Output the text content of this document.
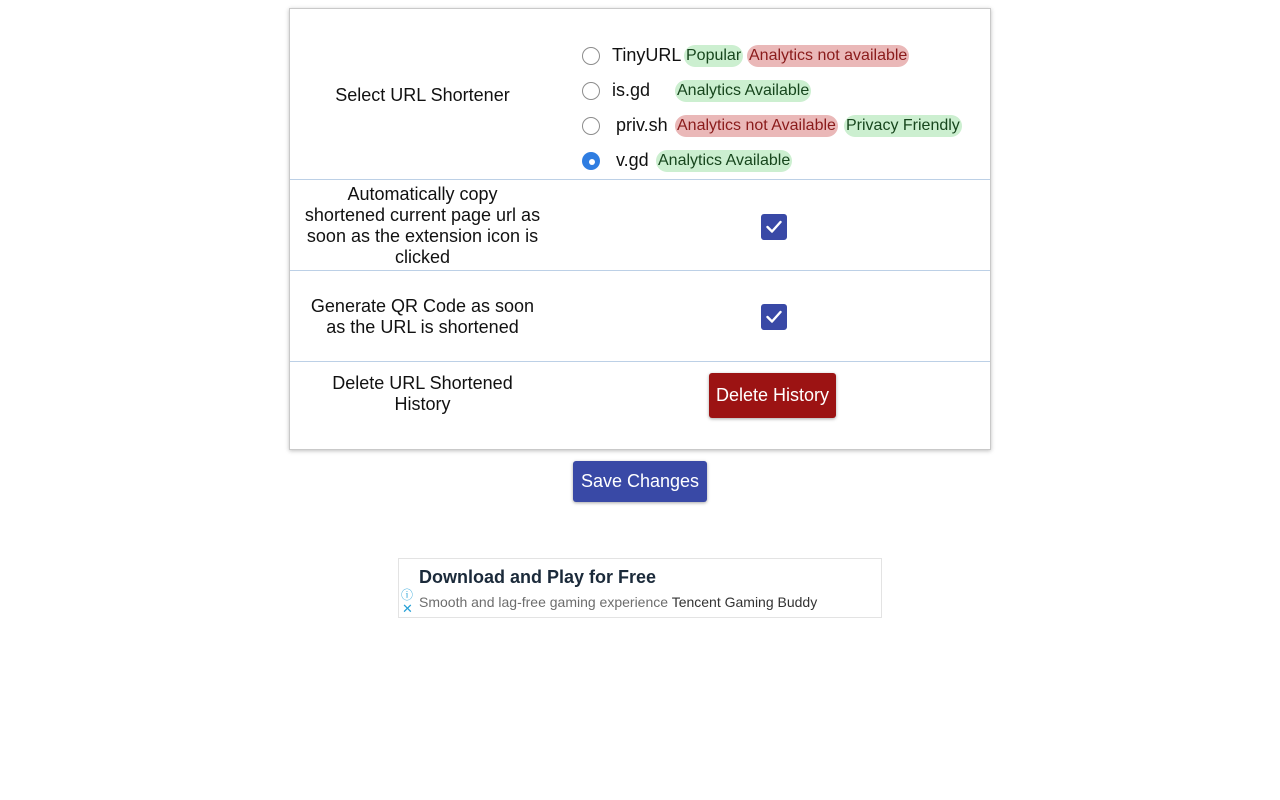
Select URL Shortener
TinyURL Popular Analytics not available
is.gd Analytics Available
priv.sh Analytics not Available Privacy Friendly
v.gd Analytics Available
Automatically copy
shortened current page url as
soon as the extension icon is
clicked
Generate QR Code as soon
as the URL is shortened
Delete URL Shortened
History	Delete History
Save Changes
Download and Play for Free
Smooth and lag-free gaming experience Tencent Gaming Buddy
ⓘ
✕
